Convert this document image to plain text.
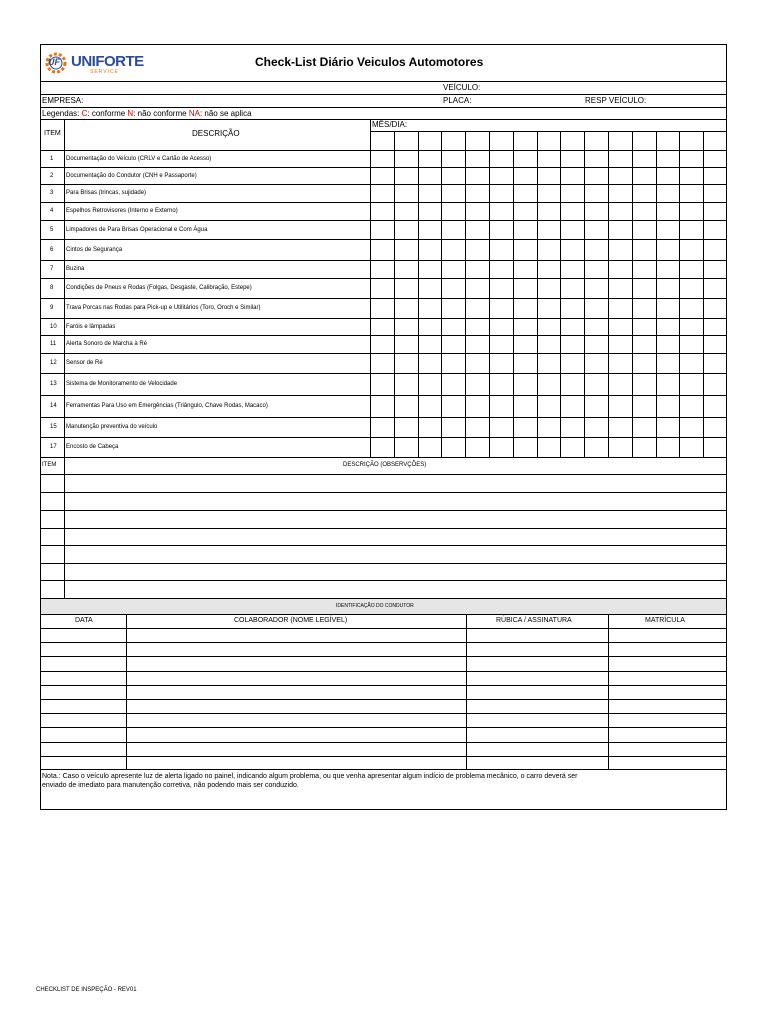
UF UNIFORTE
SERVICE
Check-List Diário Veiculos Automotores
VEÍCULO:
EMPRESA:	PLACA:	RESP VEÍCULO:
Legendas: C: conforme N: não conforme NA: não se aplica
ITEM	DESCRIÇÃO
MÊS/DIA:
1 Documentação do Veículo (CRLV e Cartão de Acesso)
2 Documentação do Condutor (CNH e Passaporte)
3 Para Brisas (trincas, sujidade)
4 Espelhos Retrovisores (Interno e Externo)
5 Limpadores de Para Brisas Operacional e Com Água
6 Cintos de Segurança
7 Buzina
8 Condições de Pneus e Rodas (Folgas, Desgaste, Calibração, Estepe)
9 Trava Porcas nas Rodas para Pick-up e Utilitários (Toro, Oroch e Similar)
10 Faróis e lâmpadas
11 Alerta Sonoro de Marcha à Ré
12 Sensor de Ré
13 Sistema de Monitoramento de Velocidade
14 Ferramentas Para Uso em Emergências (Triângulo, Chave Rodas, Macaco)
15 Manutenção preventiva do veículo
17 Encosto de Cabeça
ITEM	DESCRIÇÃO (OBSERVÇÕES)
IDENTIFICAÇÃO DO CONDUTOR
DATA	COLABORADOR (NOME LEGÍVEL)	RÚBICA / ASSINATURA	MATRÍCULA
Nota.: Caso o veículo apresente luz de alerta ligado no painel, indicando algum problema, ou que venha apresentar algum indício de problema mecânico, o carro deverá ser
enviado de imediato para manutenção corretiva, não podendo mais ser conduzido.
CHECKLIST DE INSPEÇÃO - REV01
